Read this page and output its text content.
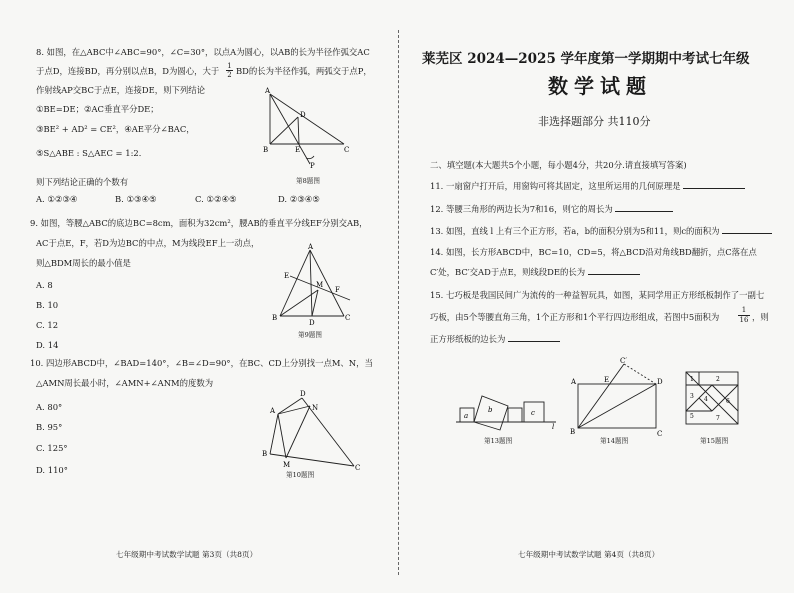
8. 如图，在△ABC中∠ABC=90°，∠C=30°，以点A为圆心，以AB的长为半径作弧交AC
于点D，连接BD，再分别以点B，D为圆心，大于 $\frac{1}{2}$ BD的长为半径作弧，两弧交于点P，
作射线AP交BC于点E，连接DE，则下列结论
①BE=DE；②AC垂直平分DE；
③BE² + AD² = CE²，④AE平分∠BAC，
⑤S△ABE : S△AEC = 1:2．
则下列结论正确的个数有
A. ①②③④	B. ①③④⑤	C. ①②④⑤	D. ②③④⑤
A
D
B	E	C
P
第8题图
9. 如图，等腰△ABC的底边BC=8cm，面积为32cm²，腰AB的垂直平分线EF分别交AB，
AC于点E，F，若D为边BC的中点，M为线段EF上一动点，
则△BDM周长的最小值是
A. 8
B. 10
C. 12
D. 14
A
E
M
F
B
D
C
第9题图
10. 四边形ABCD中，∠BAD=140°，∠B=∠D=90°，在BC、CD上分别找一点M、N，当
△AMN周长最小时，∠AMN+∠ANM的度数为
A. 80°
B. 95°
C. 125°
D. 110°
A
D
N
B
M	C
第10题图
七年级期中考试数学试题 第3页（共8页）
莱芜区 2024—2025 学年度第一学期期中考试七年级
数学试题
非选择题部分 共110分
二、填空题(本大题共5个小题，每小题4分，共20分.请直接填写答案)
11. 一扇窗户打开后，用窗钩可将其固定，这里所运用的几何原理是
12. 等腰三角形的两边长为7和16，则它的周长为
13. 如图，直线 l 上有三个正方形，若a，b的面积分别为5和11，则c的面积为
14. 如图，长方形ABCD中，BC=10，CD=5，将△BCD沿对角线BD翻折，点C落在点
C′处，BC′交AD于点E，则线段DE的长为
15. 七巧板是我国民间广为流传的一种益智玩具，如图，某同学用正方形纸板制作了一副七
巧板，由5个等腰直角三角，1个正方形和1个平行四边形组成，若图中5面积为	$\frac{1}{16}$ ，则
正方形纸板的边长为
a
b	c
l
第13题图
C′
A	E	D
B	C
第14题图
1	2
3 4
5
6
7
第15题图
七年级期中考试数学试题 第4页（共8页）
